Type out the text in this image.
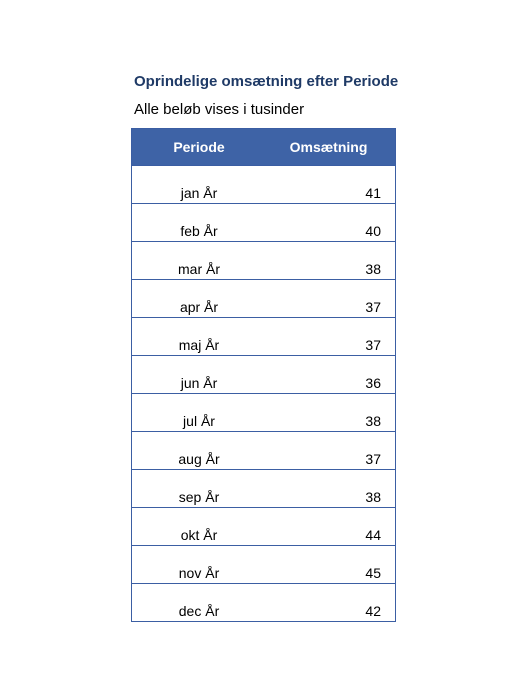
Oprindelige omsætning efter Periode
Alle beløb vises i tusinder
Periode	Omsætning
jan År	41
feb År	40
mar År	38
apr År	37
maj År	37
jun År	36
jul År	38
aug År	37
sep År	38
okt År	44
nov År	45
dec År	42
